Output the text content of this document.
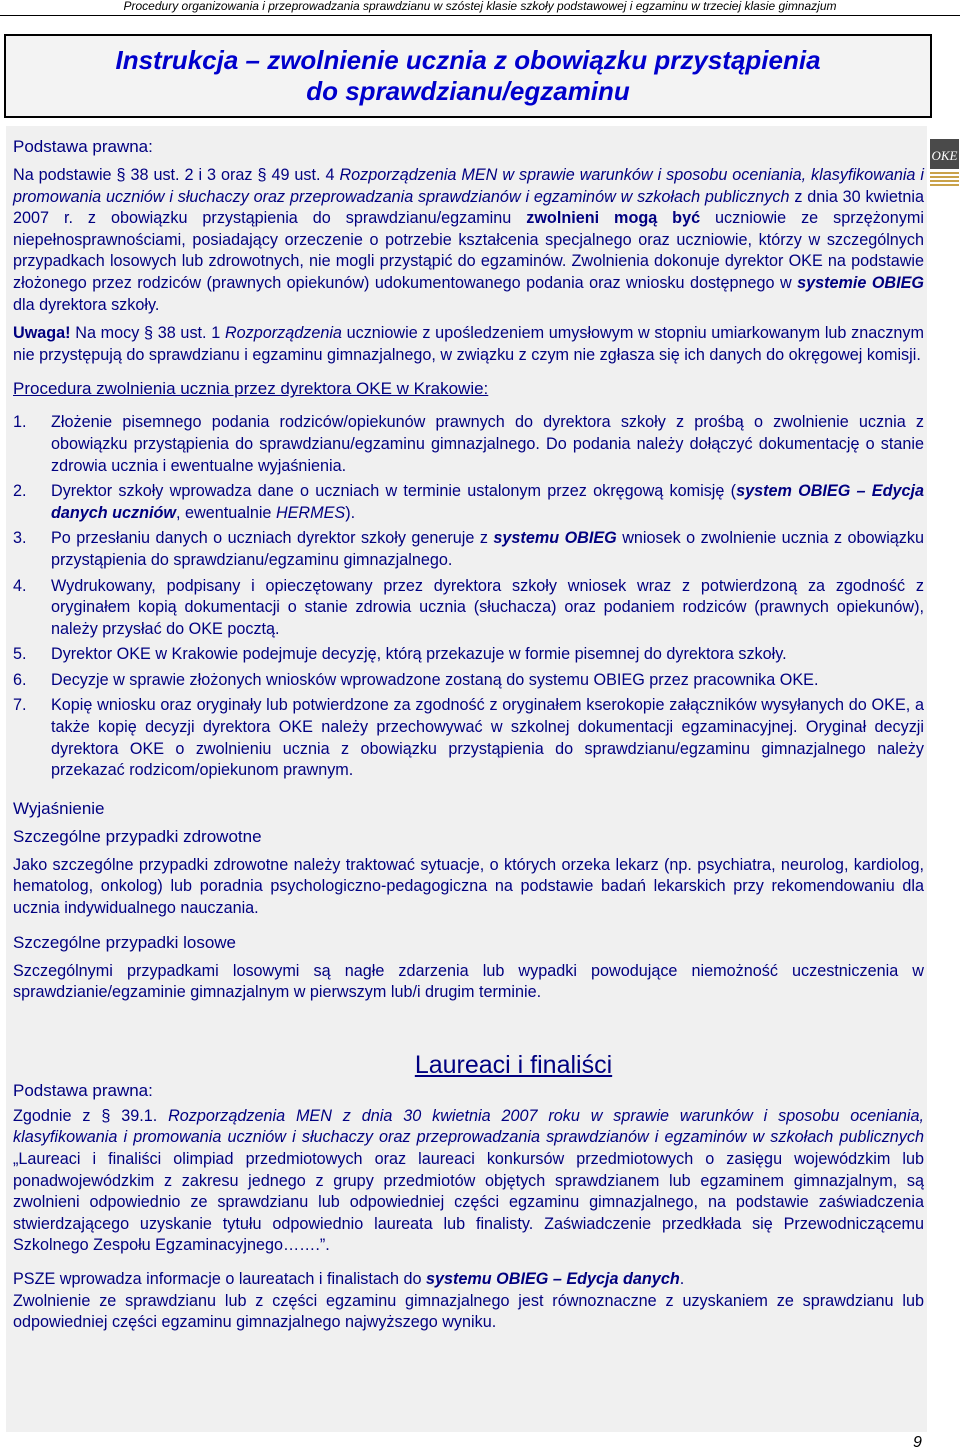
Procedury organizowania i przeprowadzania sprawdzianu w szóstej klasie szkoły podstawowej i egzaminu w trzeciej klasie gimnazjum
Instrukcja – zwolnienie ucznia z obowiązku przystąpienia
do sprawdzianu/egzaminu
OKE

Podstawa prawna:

Na podstawie § 38 ust. 2 i 3 oraz § 49 ust. 4 Rozporządzenia MEN w sprawie warunków i sposobu oceniania, klasyfikowania i promowania uczniów i słuchaczy oraz przeprowadzania sprawdzianów i egzaminów w szkołach publicznych z dnia 30 kwietnia 2007 r. z obowiązku przystąpienia do sprawdzianu/egzaminu zwolnieni mogą być uczniowie ze sprzężonymi niepełnosprawnościami, posiadający orzeczenie o potrzebie kształcenia specjalnego oraz uczniowie, którzy w szczególnych przypadkach losowych lub zdrowotnych, nie mogli przystąpić do egzaminów. Zwolnienia dokonuje dyrektor OKE na podstawie złożonego przez rodziców (prawnych opiekunów) udokumentowanego podania oraz wniosku dostępnego w systemie OBIEG dla dyrektora szkoły.

Uwaga! Na mocy § 38 ust. 1 Rozporządzenia uczniowie z upośledzeniem umysłowym w stopniu umiarkowanym lub znacznym nie przystępują do sprawdzianu i egzaminu gimnazjalnego, w związku z czym nie zgłasza się ich danych do okręgowej komisji.

Procedura zwolnienia ucznia przez dyrektora OKE w Krakowie:

1. Złożenie pisemnego podania rodziców/opiekunów prawnych do dyrektora szkoły z prośbą o zwolnienie ucznia z obowiązku przystąpienia do sprawdzianu/egzaminu gimnazjalnego. Do podania należy dołączyć dokumentację o stanie zdrowia ucznia i ewentualne wyjaśnienia.
2. Dyrektor szkoły wprowadza dane o uczniach w terminie ustalonym przez okręgową komisję (system OBIEG – Edycja danych uczniów, ewentualnie HERMES).
3. Po przesłaniu danych o uczniach dyrektor szkoły generuje z systemu OBIEG wniosek o zwolnienie ucznia z obowiązku przystąpienia do sprawdzianu/egzaminu gimnazjalnego.
4. Wydrukowany, podpisany i opieczętowany przez dyrektora szkoły wniosek wraz z potwierdzoną za zgodność z oryginałem kopią dokumentacji o stanie zdrowia ucznia (słuchacza) oraz podaniem rodziców (prawnych opiekunów), należy przysłać do OKE pocztą.
5. Dyrektor OKE w Krakowie podejmuje decyzję, którą przekazuje w formie pisemnej do dyrektora szkoły.
6. Decyzje w sprawie złożonych wniosków wprowadzone zostaną do systemu OBIEG przez pracownika OKE.
7. Kopię wniosku oraz oryginały lub potwierdzone za zgodność z oryginałem kserokopie załączników wysyłanych do OKE, a także kopię decyzji dyrektora OKE należy przechowywać w szkolnej dokumentacji egzaminacyjnej. Oryginał decyzji dyrektora OKE o zwolnieniu ucznia z obowiązku przystąpienia do sprawdzianu/egzaminu gimnazjalnego należy przekazać rodzicom/opiekunom prawnym.

Wyjaśnienie

Szczególne przypadki zdrowotne

Jako szczególne przypadki zdrowotne należy traktować sytuacje, o których orzeka lekarz (np. psychiatra, neurolog, kardiolog, hematolog, onkolog) lub poradnia psychologiczno-pedagogiczna na podstawie badań lekarskich przy rekomendowaniu dla ucznia indywidualnego nauczania.

Szczególne przypadki losowe

Szczególnymi przypadkami losowymi są nagłe zdarzenia lub wypadki powodujące niemożność uczestniczenia w sprawdzianie/egzaminie gimnazjalnym w pierwszym lub/i drugim terminie.

Laureaci i finaliści

Podstawa prawna:

Zgodnie z § 39.1. Rozporządzenia MEN z dnia 30 kwietnia 2007 roku w sprawie warunków i sposobu oceniania, klasyfikowania i promowania uczniów i słuchaczy oraz przeprowadzania sprawdzianów i egzaminów w szkołach publicznych „Laureaci i finaliści olimpiad przedmiotowych oraz laureaci konkursów przedmiotowych o zasięgu wojewódzkim lub ponadwojewódzkim z zakresu jednego z grupy przedmiotów objętych sprawdzianem lub egzaminem gimnazjalnym, są zwolnieni odpowiednio ze sprawdzianu lub odpowiedniej części egzaminu gimnazjalnego, na podstawie zaświadczenia stwierdzającego uzyskanie tytułu odpowiednio laureata lub finalisty. Zaświadczenie przedkłada się Przewodniczącemu Szkolnego Zespołu Egzaminacyjnego…….”.

PSZE wprowadza informacje o laureatach i finalistach do systemu OBIEG – Edycja danych.

Zwolnienie ze sprawdzianu lub z części egzaminu gimnazjalnego jest równoznaczne z uzyskaniem ze sprawdzianu lub odpowiedniej części egzaminu gimnazjalnego najwyższego wyniku.

9
